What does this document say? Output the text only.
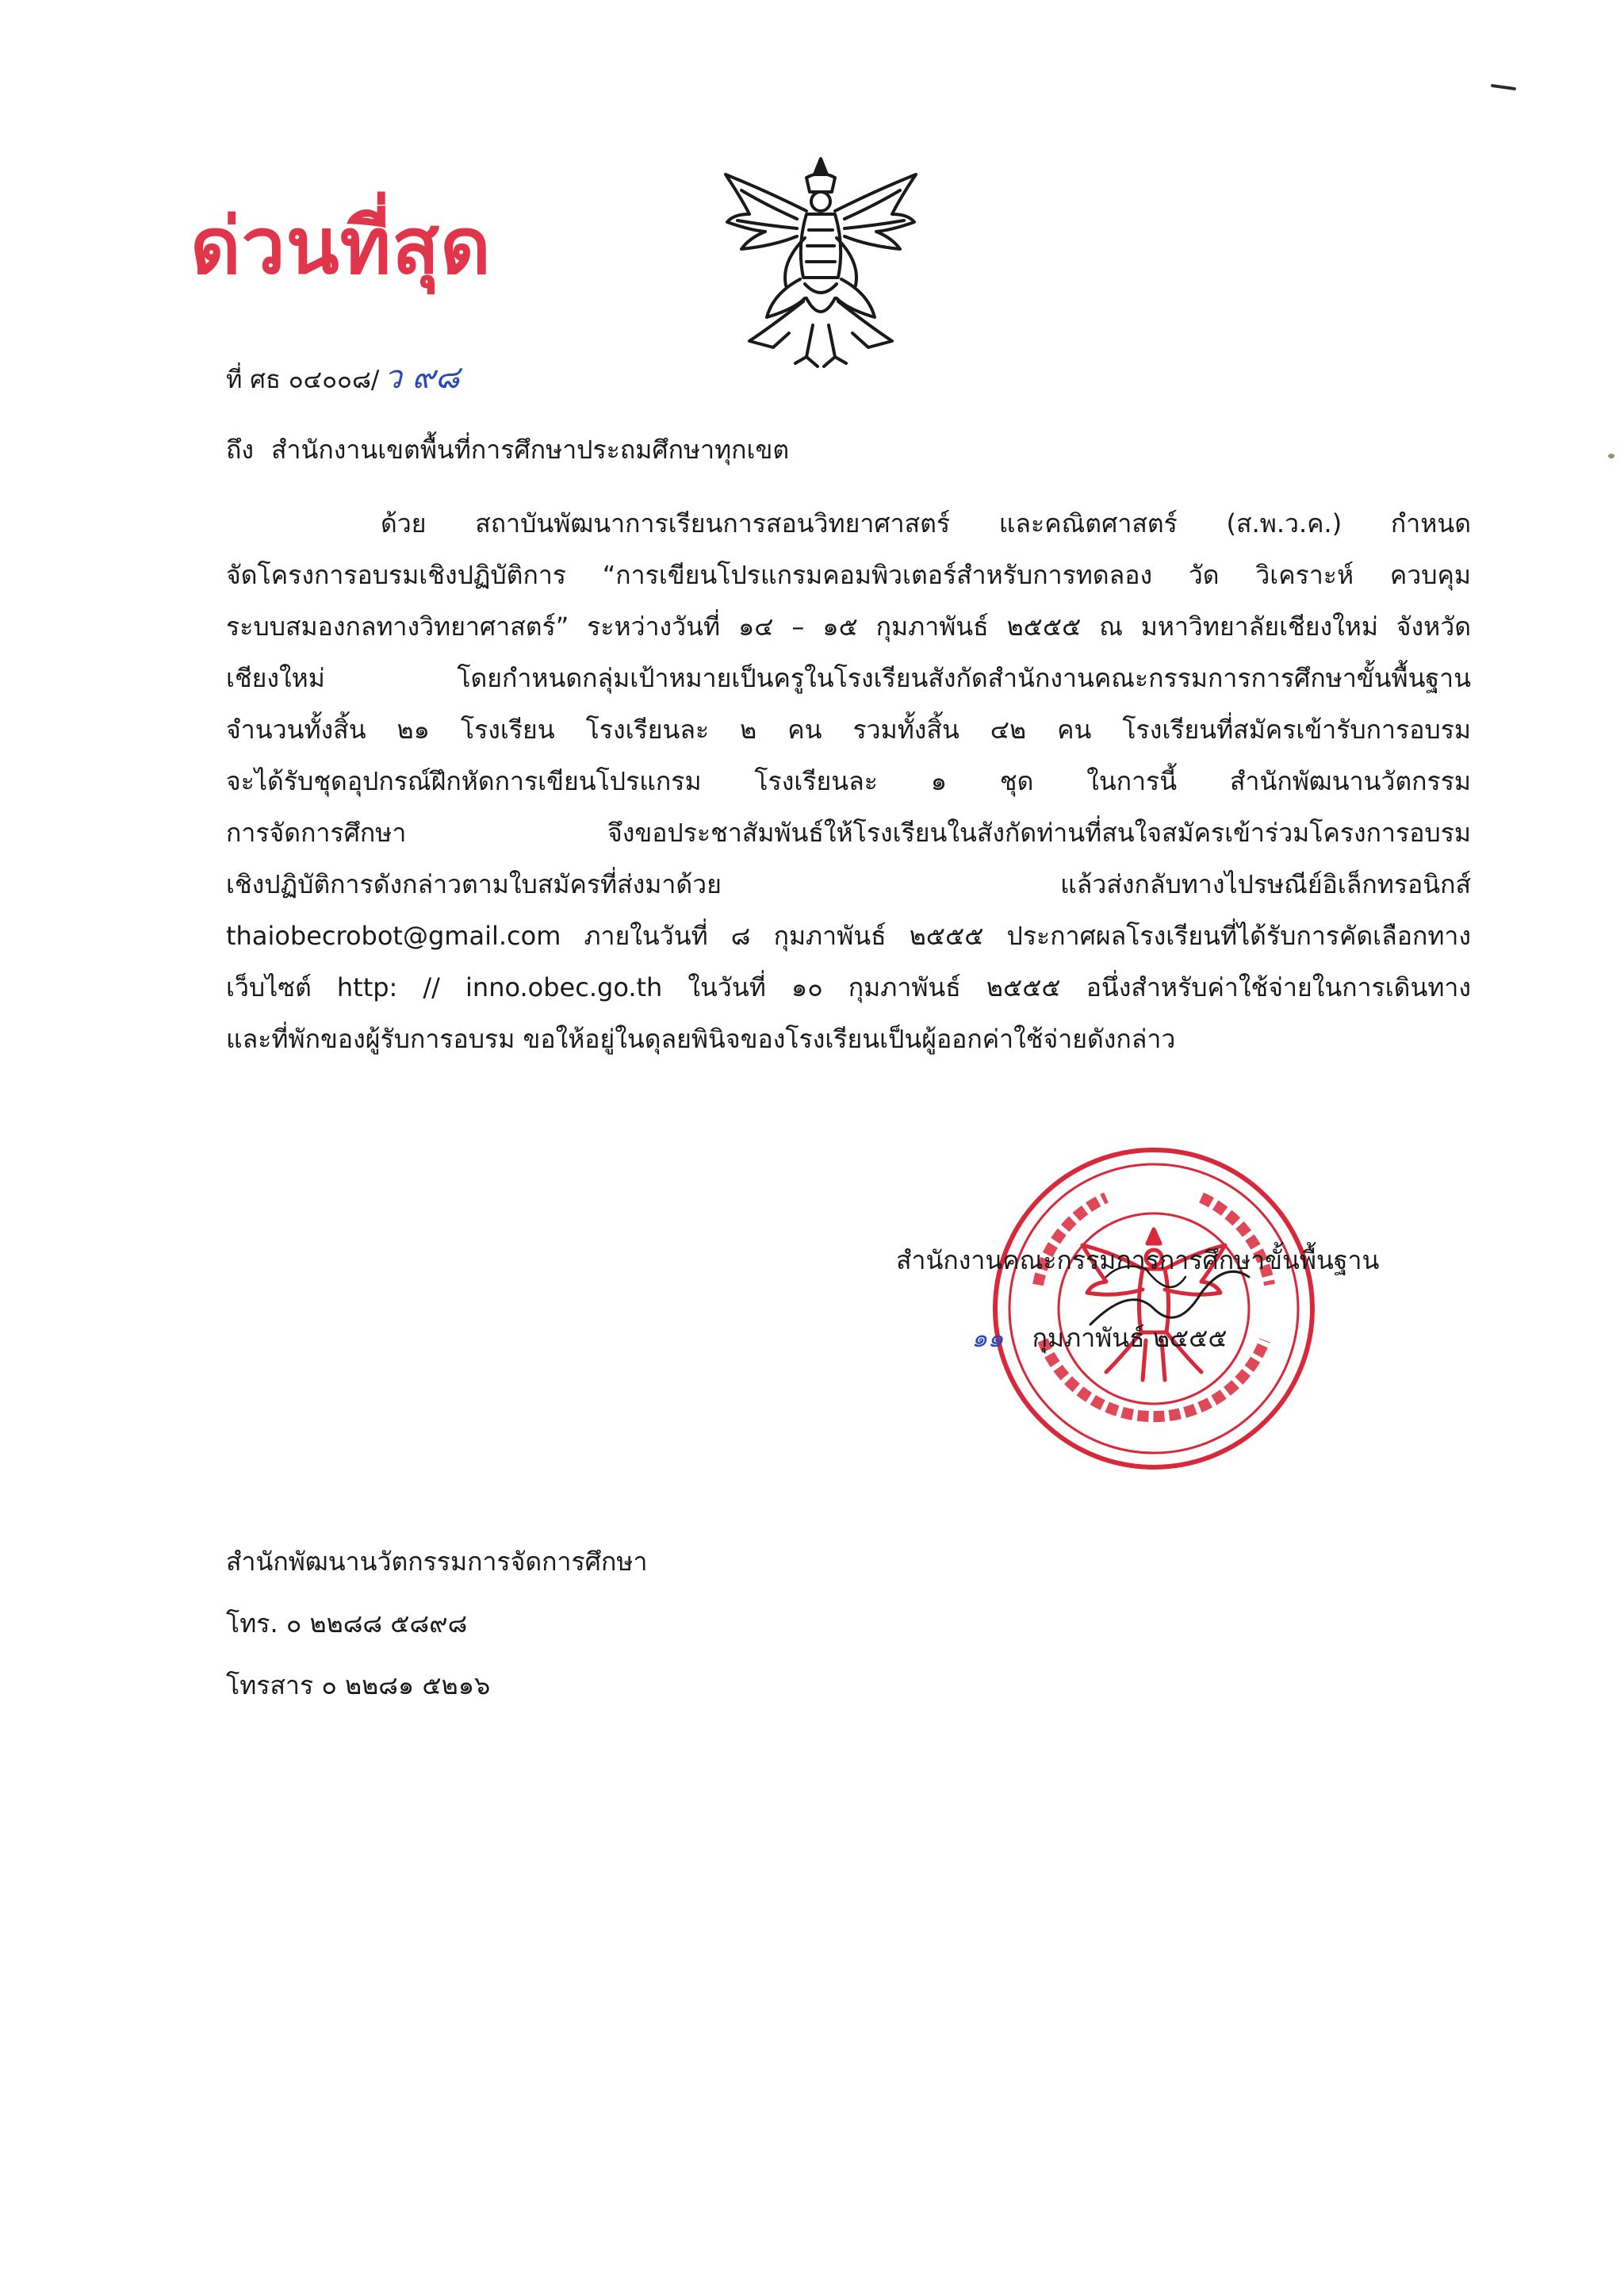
ด่วนที่สุด
ที่ ศธ ๐๔๐๐๘/ ว ๙๘
ถึง สำนักงานเขตพื้นที่การศึกษาประถมศึกษาทุกเขต
ด้วย สถาบันพัฒนาการเรียนการสอนวิทยาศาสตร์ และคณิตศาสตร์ (ส.พ.ว.ค.) กำหนด
จัดโครงการอบรมเชิงปฏิบัติการ “การเขียนโปรแกรมคอมพิวเตอร์สำหรับการทดลอง วัด วิเคราะห์ ควบคุม
ระบบสมองกลทางวิทยาศาสตร์” ระหว่างวันที่ ๑๔ – ๑๕ กุมภาพันธ์ ๒๕๕๕ ณ มหาวิทยาลัยเชียงใหม่ จังหวัด
เชียงใหม่ โดยกำหนดกลุ่มเป้าหมายเป็นครูในโรงเรียนสังกัดสำนักงานคณะกรรมการการศึกษาขั้นพื้นฐาน
จำนวนทั้งสิ้น ๒๑ โรงเรียน โรงเรียนละ ๒ คน รวมทั้งสิ้น ๔๒ คน โรงเรียนที่สมัครเข้ารับการอบรม
จะได้รับชุดอุปกรณ์ฝึกหัดการเขียนโปรแกรม โรงเรียนละ ๑ ชุด ในการนี้ สำนักพัฒนานวัตกรรม
การจัดการศึกษา จึงขอประชาสัมพันธ์ให้โรงเรียนในสังกัดท่านที่สนใจสมัครเข้าร่วมโครงการอบรม
เชิงปฏิบัติการดังกล่าวตามใบสมัครที่ส่งมาด้วย แล้วส่งกลับทางไปรษณีย์อิเล็กทรอนิกส์
thaiobecrobot@gmail.com ภายในวันที่ ๘ กุมภาพันธ์ ๒๕๕๕ ประกาศผลโรงเรียนที่ได้รับการคัดเลือกทาง
เว็บไซต์ http: // inno.obec.go.th ในวันที่ ๑๐ กุมภาพันธ์ ๒๕๕๕ อนึ่งสำหรับค่าใช้จ่ายในการเดินทาง
และที่พักของผู้รับการอบรม ขอให้อยู่ในดุลยพินิจของโรงเรียนเป็นผู้ออกค่าใช้จ่ายดังกล่าว
สำนักงานคณะกรรมการการศึกษาขั้นพื้นฐาน
๑๑ กุมภาพันธ์ ๒๕๕๕
สำนักพัฒนานวัตกรรมการจัดการศึกษา
โทร. ๐ ๒๒๘๘ ๕๘๙๘
โทรสาร ๐ ๒๒๘๑ ๕๒๑๖
